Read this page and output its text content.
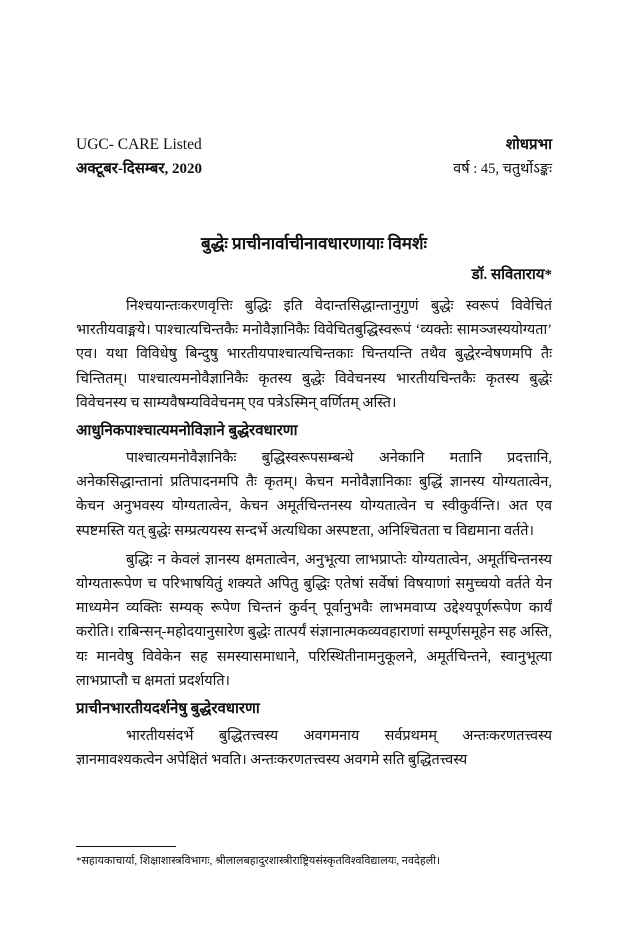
UGC- CARE Listed	शोधप्रभा
अक्टूबर-दिसम्बर, 2020	वर्ष : 45, चतुर्थोऽङ्कः
बुद्धेः प्राचीनार्वाचीनावधारणायाः विमर्शः
डॉ. सविताराय*

निश्चयान्तःकरणवृत्तिः बुद्धिः इति वेदान्तसिद्धान्तानुगुणं बुद्धेः स्वरूपं विवेचितं भारतीयवाङ्मये। पाश्चात्यचिन्तकैः मनोवैज्ञानिकैः विवेचितबुद्धिस्वरूपं ‘व्यक्तेः सामञ्जस्ययोग्यता’ एव। यथा विविधेषु बिन्दुषु भारतीयपाश्चात्यचिन्तकाः चिन्तयन्ति तथैव बुद्धेरन्वेषणमपि तैः चिन्तितम्। पाश्चात्यमनोवैज्ञानिकैः कृतस्य बुद्धेः विवेचनस्य भारतीयचिन्तकैः कृतस्य बुद्धेः विवेचनस्य च साम्यवैषम्यविवेचनम् एव पत्रेऽस्मिन् वर्णितम् अस्ति।

आधुनिकपाश्चात्यमनोविज्ञाने बुद्धेरवधारणा

पाश्चात्यमनोवैज्ञानिकैः बुद्धिस्वरूपसम्बन्धे अनेकानि मतानि प्रदत्तानि, अनेकसिद्धान्तानां प्रतिपादनमपि तैः कृतम्। केचन मनोवैज्ञानिकाः बुद्धिं ज्ञानस्य योग्यतात्वेन, केचन अनुभवस्य योग्यतात्वेन, केचन अमूर्तचिन्तनस्य योग्यतात्वेन च स्वीकुर्वन्ति। अत एव स्पष्टमस्ति यत् बुद्धेः सम्प्रत्ययस्य सन्दर्भे अत्यधिका अस्पष्टता, अनिश्चितता च विद्यमाना वर्तते।

बुद्धिः न केवलं ज्ञानस्य क्षमतात्वेन, अनुभूत्या लाभप्राप्तेः योग्यतात्वेन, अमूर्तचिन्तनस्य योग्यतारूपेण च परिभाषयितुं शक्यते अपितु बुद्धिः एतेषां सर्वेषां विषयाणां समुच्चयो वर्तते येन माध्यमेन व्यक्तिः सम्यक् रूपेण चिन्तनं कुर्वन् पूर्वानुभवैः लाभमवाप्य उद्देश्यपूर्णरूपेण कार्यं करोति। राबिन्सन्-महोदयानुसारेण बुद्धेः तात्पर्यं संज्ञानात्मकव्यवहाराणां सम्पूर्णसमूहेन सह अस्ति, यः मानवेषु विवेकेन सह समस्यासमाधाने, परिस्थितीनामनुकूलने, अमूर्तचिन्तने, स्वानुभूत्या लाभप्राप्तौ च क्षमतां प्रदर्शयति।

प्राचीनभारतीयदर्शनेषु बुद्धेरवधारणा

भारतीयसंदर्भे बुद्धितत्त्वस्य अवगमनाय सर्वप्रथमम् अन्तःकरणतत्त्वस्य ज्ञानमावश्यकत्वेन अपेक्षितं भवति। अन्तःकरणतत्त्वस्य अवगमे सति बुद्धितत्त्वस्य

*सहायकाचार्या, शिक्षाशास्त्रविभागः, श्रीलालबहादुरशास्त्रीराष्ट्रियसंस्कृतविश्वविद्यालयः, नवदेहली।
